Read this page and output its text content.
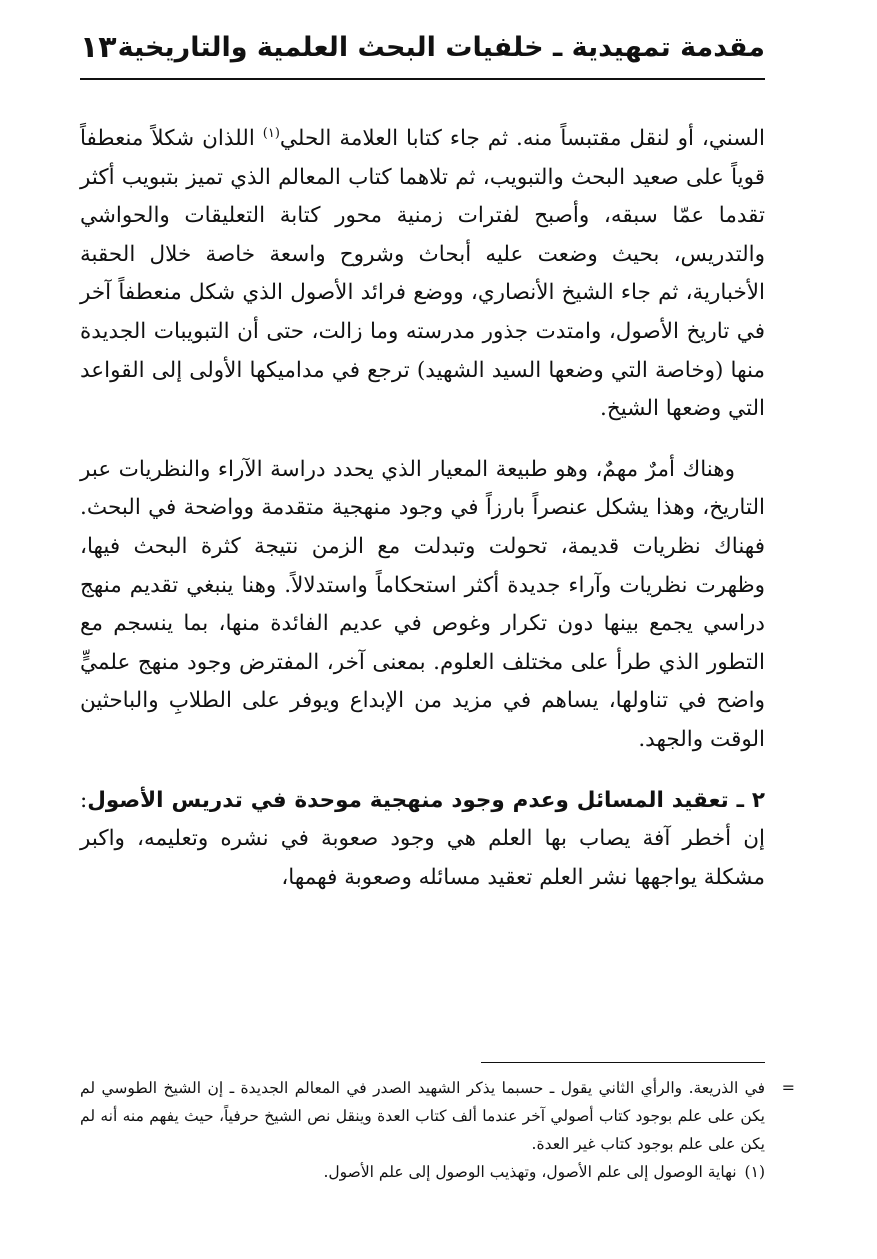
مقدمة تمهيدية ـ خلفيات البحث العلمية والتاريخية
١٣

السني، أو لنقل مقتبساً منه. ثم جاء كتابا العلامة الحلي$^{(١)}$ اللذان شكلاً منعطفاً قوياً على صعيد البحث والتبويب، ثم تلاهما كتاب المعالم الذي تميز بتبويب أكثر تقدما عمّا سبقه، وأصبح لفترات زمنية محور كتابة التعليقات والحواشي والتدريس، بحيث وضعت عليه أبحاث وشروح واسعة خاصة خلال الحقبة الأخبارية، ثم جاء الشيخ الأنصاري، ووضع فرائد الأصول الذي شكل منعطفاً آخر في تاريخ الأصول، وامتدت جذور مدرسته وما زالت، حتى أن التبويبات الجديدة منها (وخاصة التي وضعها السيد الشهيد) ترجع في مداميكها الأولى إلى القواعد التي وضعها الشيخ.

وهناك أمرٌ مهمٌ، وهو طبيعة المعيار الذي يحدد دراسة الآراء والنظريات عبر التاريخ، وهذا يشكل عنصراً بارزاً في وجود منهجية متقدمة وواضحة في البحث. فهناك نظريات قديمة، تحولت وتبدلت مع الزمن نتيجة كثرة البحث فيها، وظهرت نظريات وآراء جديدة أكثر استحكاماً واستدلالاً. وهنا ينبغي تقديم منهج دراسي يجمع بينها دون تكرار وغوص في عديم الفائدة منها، بما ينسجم مع التطور الذي طرأ على مختلف العلوم. بمعنى آخر، المفترض وجود منهج علميٍّ واضح في تناولها، يساهم في مزيد من الإبداع ويوفر على الطلابِ والباحثين الوقت والجهد.

٢ ـ تعقيد المسائل وعدم وجود منهجية موحدة في تدريس الأصول: إن أخطر آفة يصاب بها العلم هي وجود صعوبة في نشره وتعليمه، واكبر مشكلة يواجهها نشر العلم تعقيد مسائله وصعوبة فهمها،

=

في الذريعة. والرأي الثاني يقول ـ حسبما يذكر الشهيد الصدر في المعالم الجديدة ـ إن الشيخ الطوسي لم يكن على علم بوجود كتاب أصولي آخر عندما ألف كتاب العدة وينقل نص الشيخ حرفياً، حيث يفهم منه أنه لم يكن على علم بوجود كتاب غير العدة.

(١)
نهاية الوصول إلى علم الأصول، وتهذيب الوصول إلى علم الأصول.
